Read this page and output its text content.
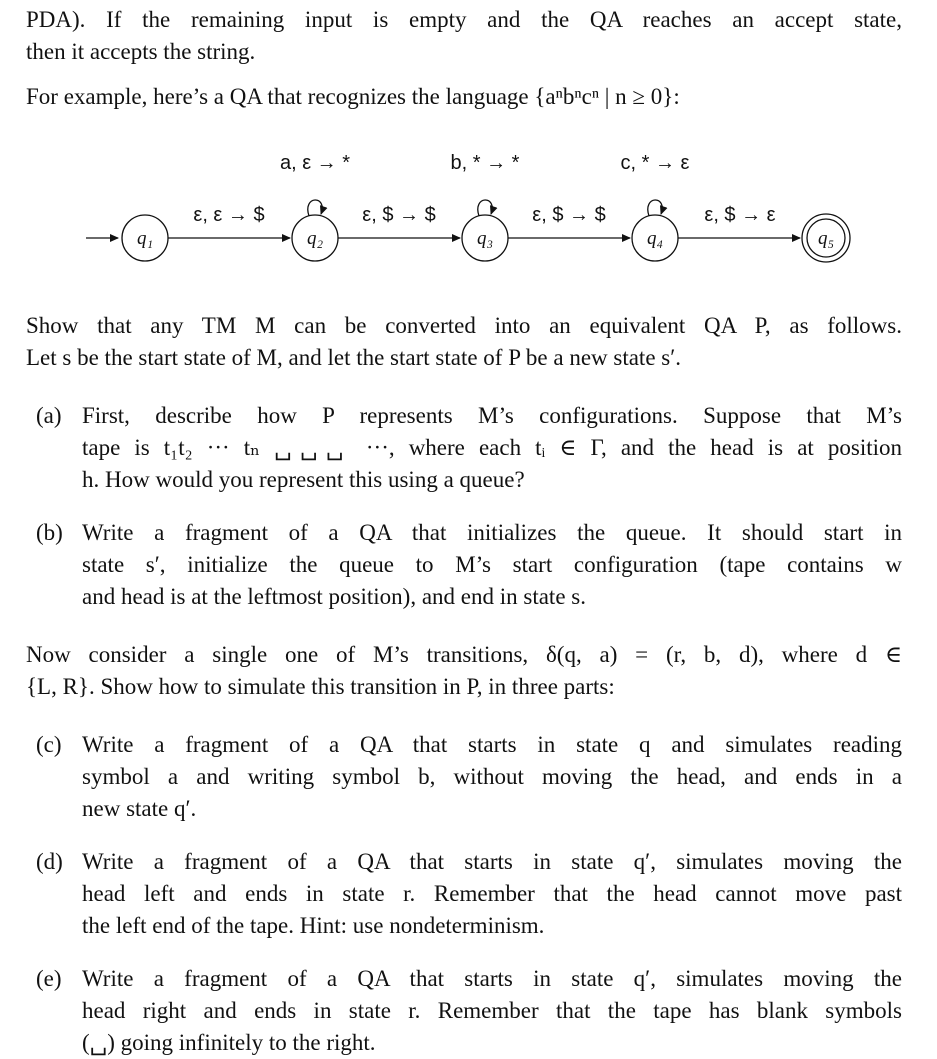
PDA). If the remaining input is empty and the QA reaches an accept state,

then it accepts the string.

For example, here’s a QA that recognizes the language {aⁿbⁿcⁿ | n ≥ 0}:

q₁	q₂	q₃	q₄	q₅
ε, ε → $	ε, $ → $	ε, $ → $	ε, $ → ε
a, ε → *	b, * → *	c, * → ε

Show that any TM M can be converted into an equivalent QA P, as follows.

Let s be the start state of M, and let the start state of P be a new state s′.

(a) First, describe how P represents M’s configurations. Suppose that M’s

tape is t₁t₂ ··· tₙ ␣␣␣ ···, where each tᵢ ∈ Γ, and the head is at position

h. How would you represent this using a queue?

(b) Write a fragment of a QA that initializes the queue. It should start in

state s′, initialize the queue to M’s start configuration (tape contains w

and head is at the leftmost position), and end in state s.

Now consider a single one of M’s transitions, δ(q, a) = (r, b, d), where d ∈

{L, R}. Show how to simulate this transition in P, in three parts:

(c) Write a fragment of a QA that starts in state q and simulates reading

symbol a and writing symbol b, without moving the head, and ends in a

new state q′.

(d) Write a fragment of a QA that starts in state q′, simulates moving the

head left and ends in state r. Remember that the head cannot move past

the left end of the tape. Hint: use nondeterminism.

(e) Write a fragment of a QA that starts in state q′, simulates moving the

head right and ends in state r. Remember that the tape has blank symbols

(␣) going infinitely to the right.
